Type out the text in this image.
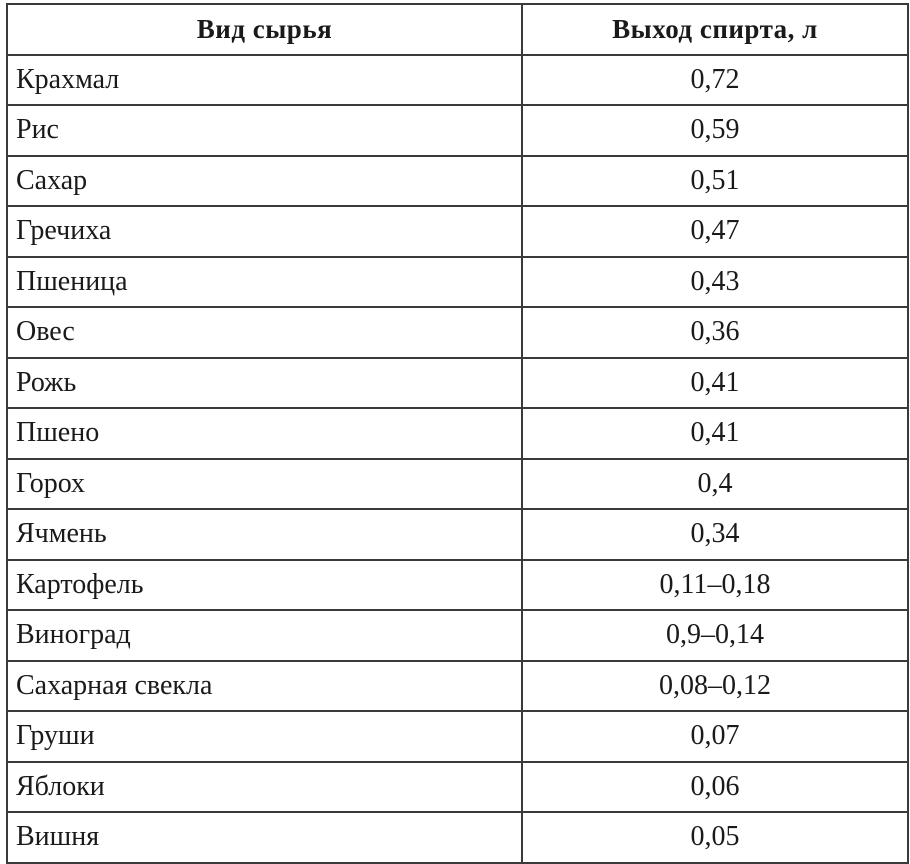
Вид сырья	Выход спирта, л
Крахмал	0,72
Рис	0,59
Сахар	0,51
Гречиха	0,47
Пшеница	0,43
Овес	0,36
Рожь	0,41
Пшено	0,41
Горох	0,4
Ячмень	0,34
Картофель	0,11–0,18
Виноград	0,9–0,14
Сахарная свекла	0,08–0,12
Груши	0,07
Яблоки	0,06
Вишня	0,05
